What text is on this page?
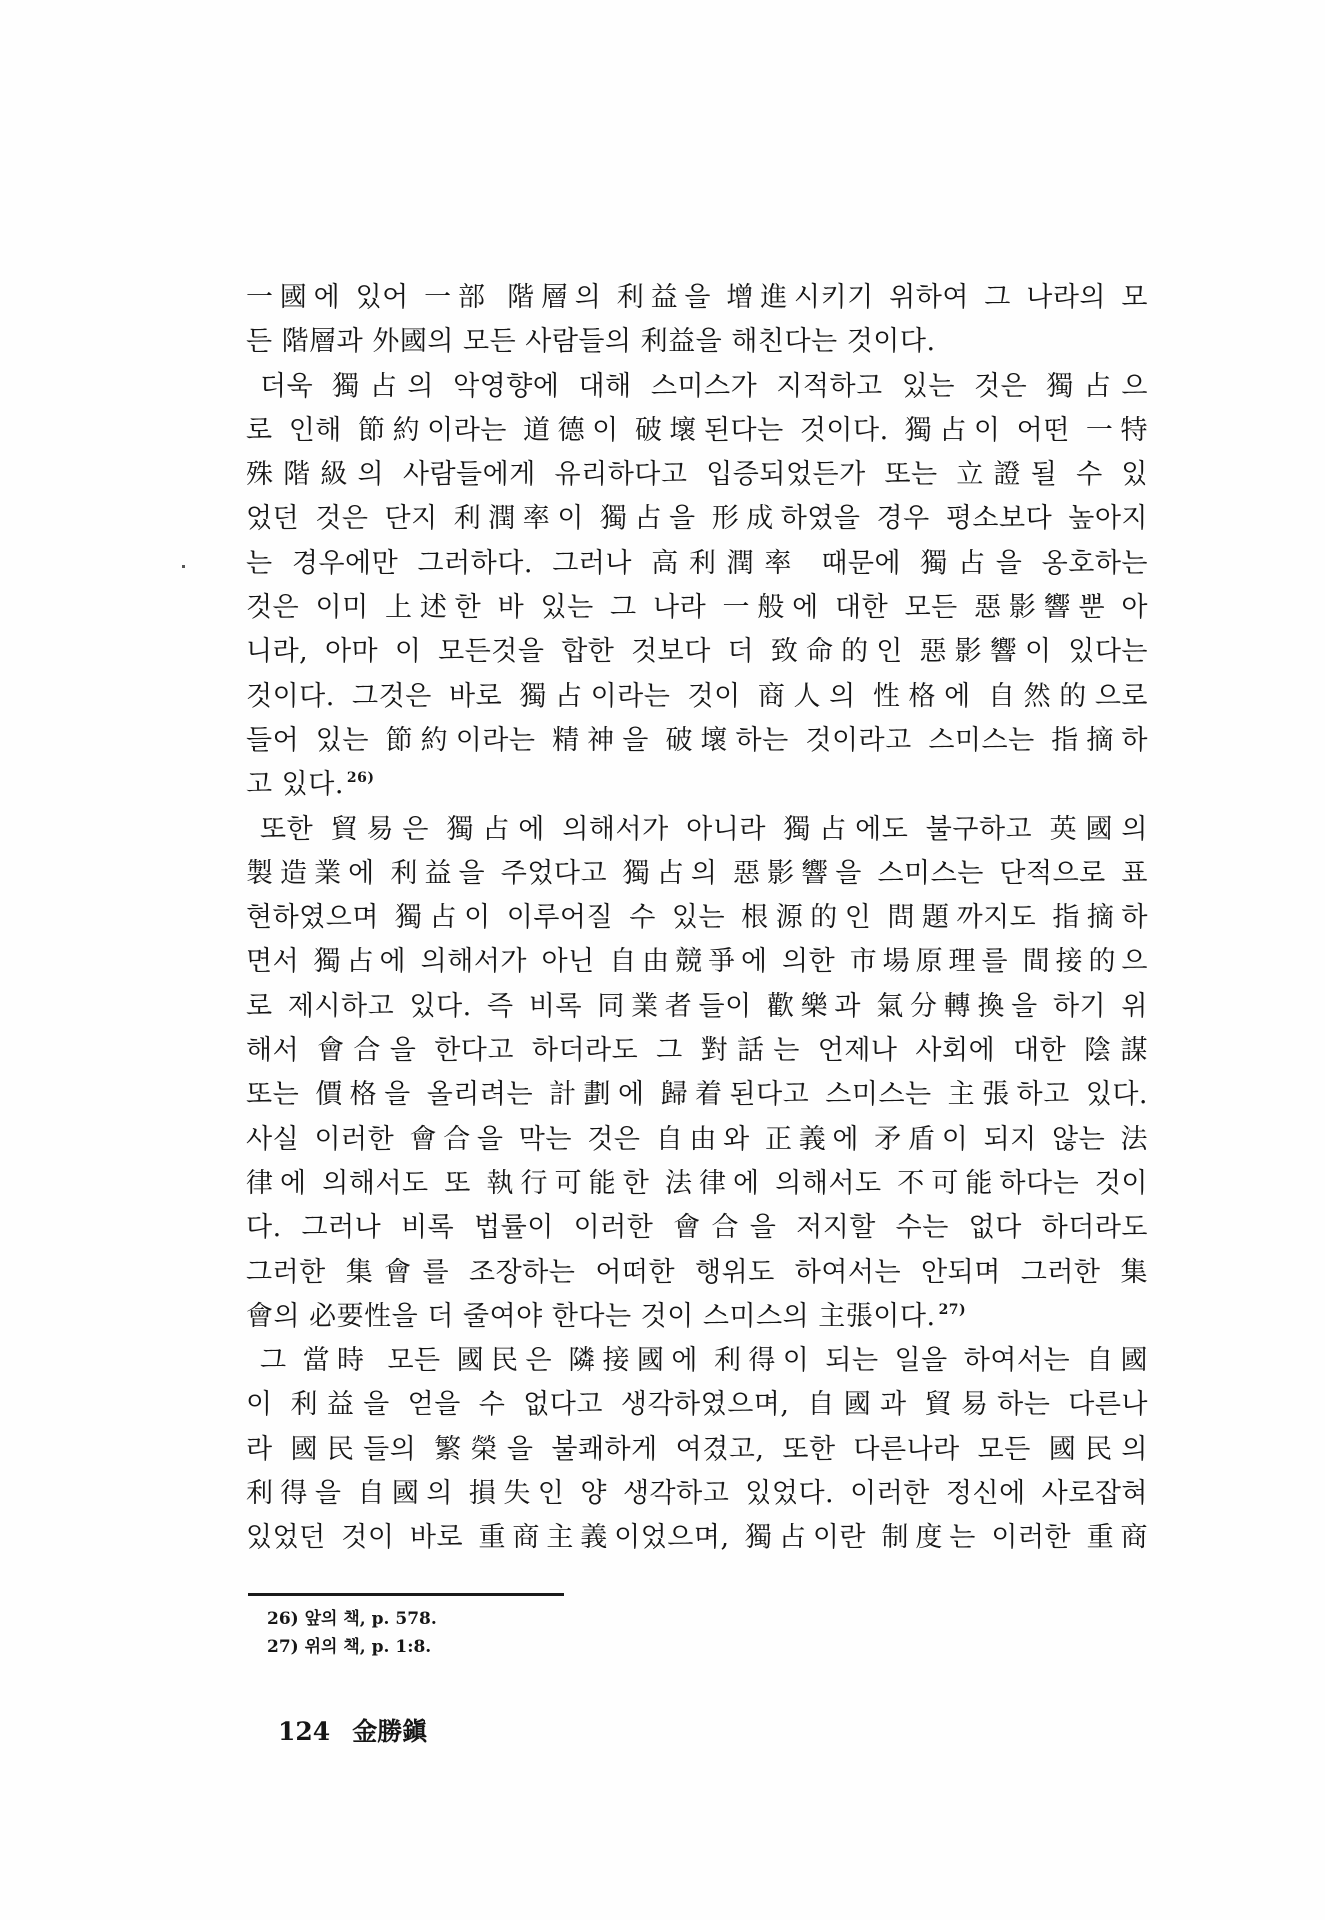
一國에 있어 一部 階層의 利益을 增進시키기 위하여 그 나라의 모
든 階層과 外國의 모든 사람들의 利益을 해친다는 것이다.
더욱 獨占의 악영향에 대해 스미스가 지적하고 있는 것은 獨占으
로 인해 節約이라는 道德이 破壞된다는 것이다. 獨占이 어떤 一特
殊階級의 사람들에게 유리하다고 입증되었든가 또는 立證될 수 있
었던 것은 단지 利潤率이 獨占을 形成하였을 경우 평소보다 높아지
는 경우에만 그러하다. 그러나 高利潤率 때문에 獨占을 옹호하는
것은 이미 上述한 바 있는 그 나라 一般에 대한 모든 惡影響뿐 아
니라, 아마 이 모든것을 합한 것보다 더 致命的인 惡影響이 있다는
것이다. 그것은 바로 獨占이라는 것이 商人의 性格에 自然的으로
들어 있는 節約이라는 精神을 破壞하는 것이라고 스미스는 指摘하
고 있다. $^{26)}$
또한 貿易은 獨占에 의해서가 아니라 獨占에도 불구하고 英國의
製造業에 利益을 주었다고 獨占의 惡影響을 스미스는 단적으로 표
현하였으며 獨占이 이루어질 수 있는 根源的인 問題까지도 指摘하
면서 獨占에 의해서가 아닌 自由競爭에 의한 市場原理를 間接的으
로 제시하고 있다. 즉 비록 同業者들이 歡樂과 氣分轉換을 하기 위
해서 會合을 한다고 하더라도 그 對話는 언제나 사회에 대한 陰謀
또는 價格을 올리려는 計劃에 歸着된다고 스미스는 主張하고 있다.
사실 이러한 會合을 막는 것은 自由와 正義에 矛盾이 되지 않는 法
律에 의해서도 또 執行可能한 法律에 의해서도 不可能하다는 것이
다. 그러나 비록 법률이 이러한 會合을 저지할 수는 없다 하더라도
그러한 集會를 조장하는 어떠한 행위도 하여서는 안되며 그러한 集
會의 必要性을 더 줄여야 한다는 것이 스미스의 主張이다. $^{27)}$
그 當時 모든 國民은 隣接國에 利得이 되는 일을 하여서는 自國
이 利益을 얻을 수 없다고 생각하였으며, 自國과 貿易하는 다른나
라 國民들의 繁榮을 불쾌하게 여겼고, 또한 다른나라 모든 國民의
利得을 自國의 損失인 양 생각하고 있었다. 이러한 정신에 사로잡혀
있었던 것이 바로 重商主義이었으며, 獨占이란 制度는 이러한 重商
26) 앞의 책, p. 578.
27) 위의 책, p. 1:8.
124 金勝鎭
